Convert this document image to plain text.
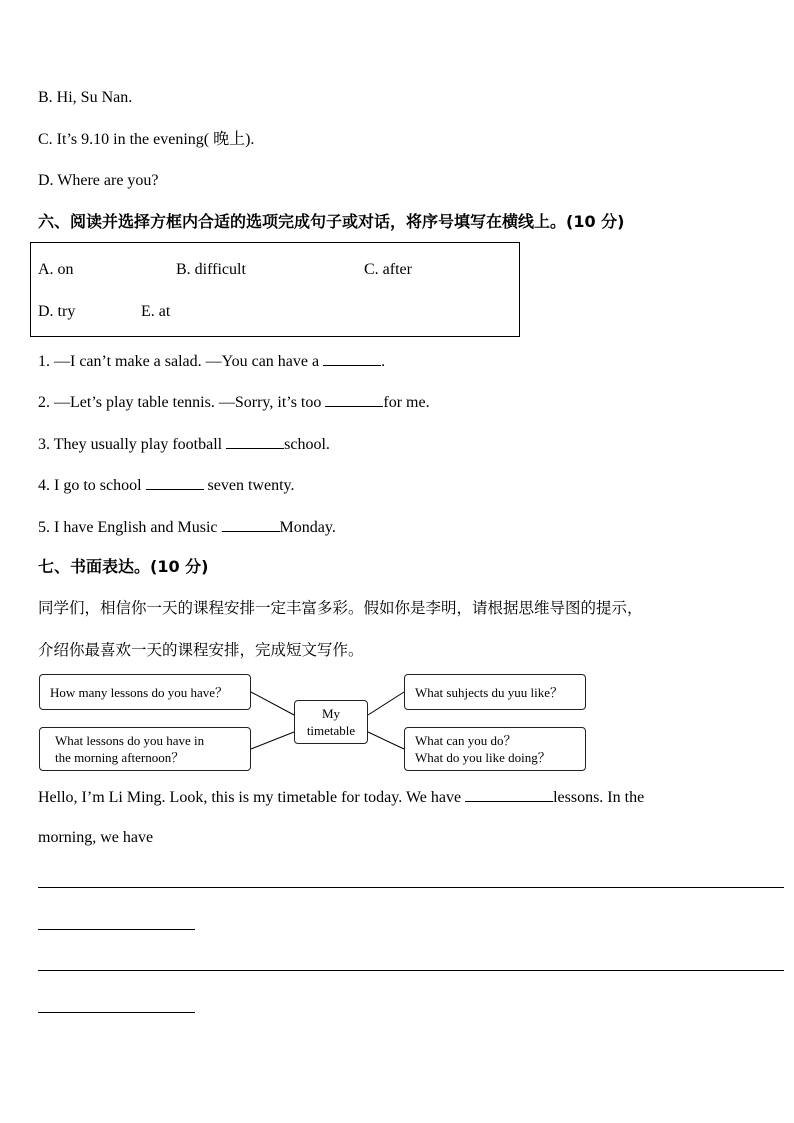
B. Hi, Su Nan.
C. It’s 9.10 in the evening( 晚上).
D. Where are you?
六、阅读并选择方框内合适的选项完成句子或对话，将序号填写在横线上。(10 分)
A. on	B. difficult	C. after
D. try	E. at
1. —I can’t make a salad. —You can have a	.
2. —Let’s play table tennis. —Sorry, it’s too	for me.
3. They usually play football	school.
4. I go to school	seven twenty.
5. I have English and Music	Monday.
七、书面表达。(10 分)
同学们，相信你一天的课程安排一定丰富多彩。假如你是李明，请根据思维导图的提示，
介绍你最喜欢一天的课程安排，完成短文写作。
How many lessons do you have？
What lessons do you have in
the morning afternoon？
My
timetable
What suhjects du yuu like？
What can you do？
What do you like doing？
Hello, I’m Li Ming. Look, this is my timetable for today. We have	lessons. In the
morning, we have
